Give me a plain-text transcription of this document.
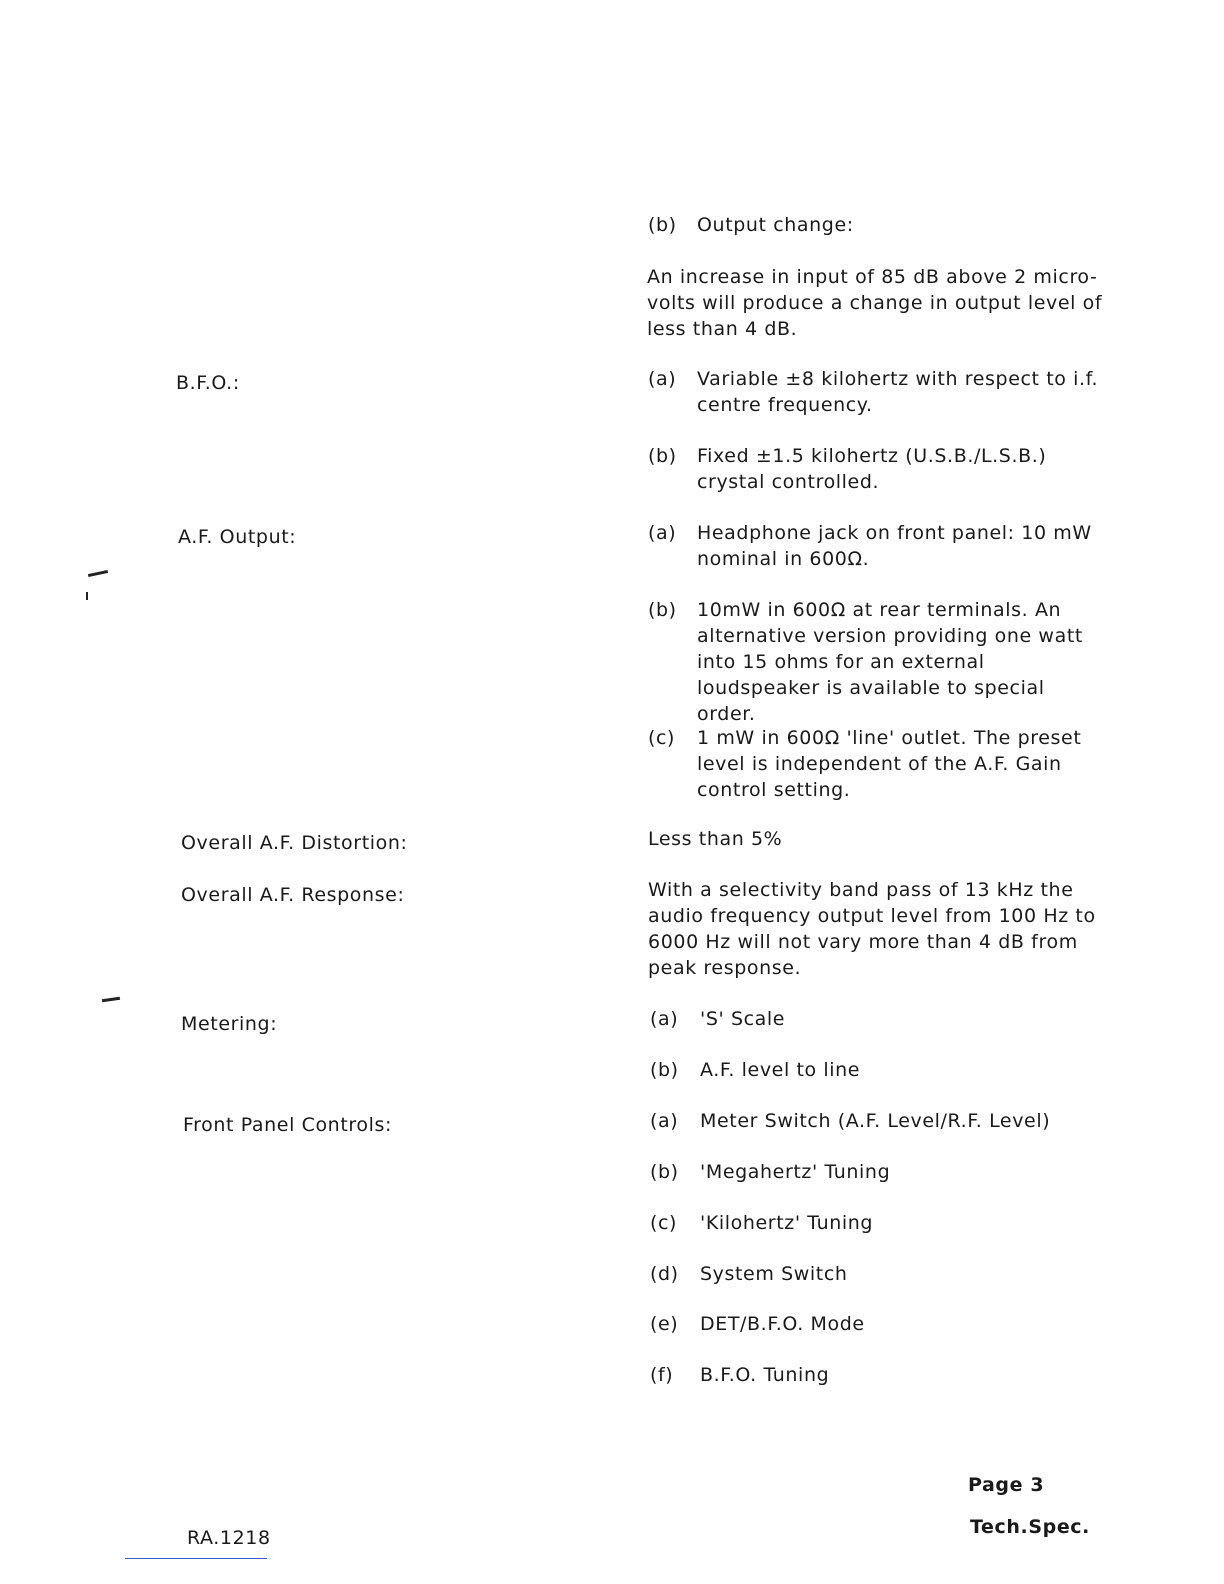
(b) Output change:
An increase in input of 85 dB above 2 micro-volts will produce a change in output level of less than 4 dB.
B.F.O.:	(a) Variable ±8 kilohertz with respect to i.f. centre frequency.
(b) Fixed ±1.5 kilohertz (U.S.B./L.S.B.) crystal controlled.
A.F. Output:	(a) Headphone jack on front panel: 10 mW nominal in 600Ω.
(b) 10mW in 600Ω at rear terminals. An alternative version providing one watt into 15 ohms for an external loudspeaker is available to special order.
(c) 1 mW in 600Ω 'line' outlet. The preset level is independent of the A.F. Gain control setting.
Overall A.F. Distortion:	Less than 5%
Overall A.F. Response:	With a selectivity band pass of 13 kHz the audio frequency output level from 100 Hz to 6000 Hz will not vary more than 4 dB from peak response.
Metering:	(a) 'S' Scale
(b) A.F. level to line
Front Panel Controls:	(a) Meter Switch (A.F. Level/R.F. Level)
(b) 'Megahertz' Tuning
(c) 'Kilohertz' Tuning
(d) System Switch
(e) DET/B.F.O. Mode
(f) B.F.O. Tuning
Page 3
Tech.Spec.
RA.1218
